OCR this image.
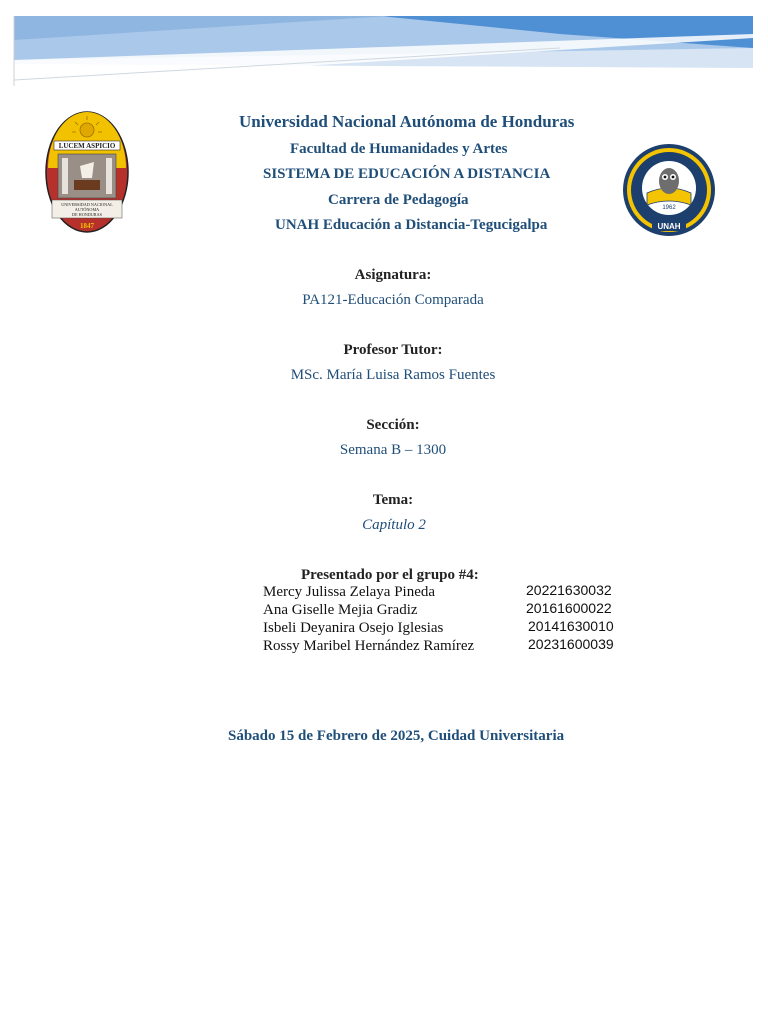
LUCEM ASPICIO
UNIVERSIDAD NACIONAL
AUTÓNOMA
DE HONDURAS
1847
1962
UNAH
Universidad Nacional Autónoma de Honduras
Facultad de Humanidades y Artes
SISTEMA DE EDUCACIÓN A DISTANCIA
Carrera de Pedagogía
UNAH Educación a Distancia-Tegucigalpa
Asignatura:
PA121-Educación Comparada
Profesor Tutor:
MSc. María Luisa Ramos Fuentes
Sección:
Semana B – 1300
Tema:
Capítulo 2
Presentado por el grupo #4:
Mercy Julissa Zelaya Pineda	20221630032
Ana Giselle Mejia Gradiz	20161600022
Isbeli Deyanira Osejo Iglesias	20141630010
Rossy Maribel Hernández Ramírez	20231600039
Sábado 15 de Febrero de 2025, Cuidad Universitaria
